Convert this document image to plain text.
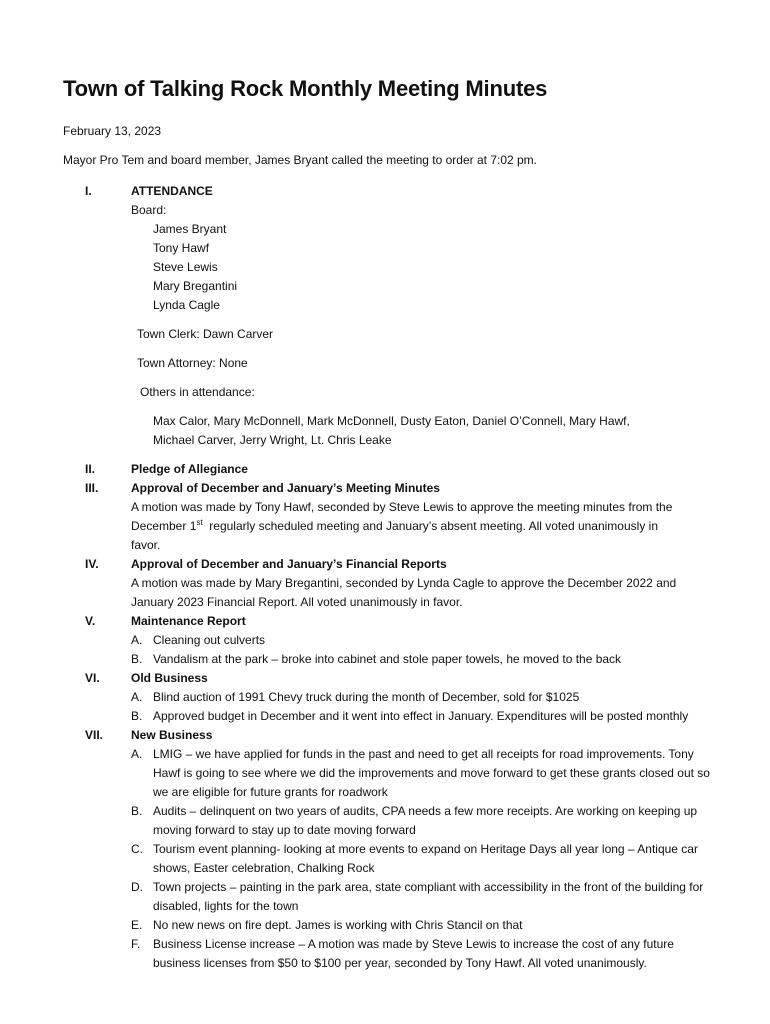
Town of Talking Rock Monthly Meeting Minutes
February 13, 2023
Mayor Pro Tem and board member, James Bryant called the meeting to order at 7:02 pm.
I.	ATTENDANCE
Board:
James Bryant
Tony Hawf
Steve Lewis
Mary Bregantini
Lynda Cagle
Town Clerk: Dawn Carver
Town Attorney: None
Others in attendance:
Max Calor, Mary McDonnell, Mark McDonnell, Dusty Eaton, Daniel O’Connell, Mary Hawf,
Michael Carver, Jerry Wright, Lt. Chris Leake
II.	Pledge of Allegiance
III.	Approval of December and January’s Meeting Minutes
A motion was made by Tony Hawf, seconded by Steve Lewis to approve the meeting minutes from the
December 1st  regularly scheduled meeting and January’s absent meeting. All voted unanimously in
favor.
IV.	Approval of December and January’s Financial Reports
A motion was made by Mary Bregantini, seconded by Lynda Cagle to approve the December 2022 and January 2023 Financial Report. All voted unanimously in favor.
V.	Maintenance Report
A. Cleaning out culverts
B. Vandalism at the park – broke into cabinet and stole paper towels, he moved to the back
VI.	Old Business
A. Blind auction of 1991 Chevy truck during the month of December, sold for $1025
B. Approved budget in December and it went into effect in January. Expenditures will be posted monthly
VII. New Business
A. LMIG – we have applied for funds in the past and need to get all receipts for road improvements. Tony Hawf is going to see where we did the improvements and move forward to get these grants closed out so we are eligible for future grants for roadwork
B. Audits – delinquent on two years of audits, CPA needs a few more receipts. Are working on keeping up moving forward to stay up to date moving forward
C. Tourism event planning- looking at more events to expand on Heritage Days all year long – Antique car shows, Easter celebration, Chalking Rock
D. Town projects – painting in the park area, state compliant with accessibility in the front of the building for disabled, lights for the town
E. No new news on fire dept. James is working with Chris Stancil on that
F. Business License increase – A motion was made by Steve Lewis to increase the cost of any future business licenses from $50 to $100 per year, seconded by Tony Hawf. All voted unanimously.
